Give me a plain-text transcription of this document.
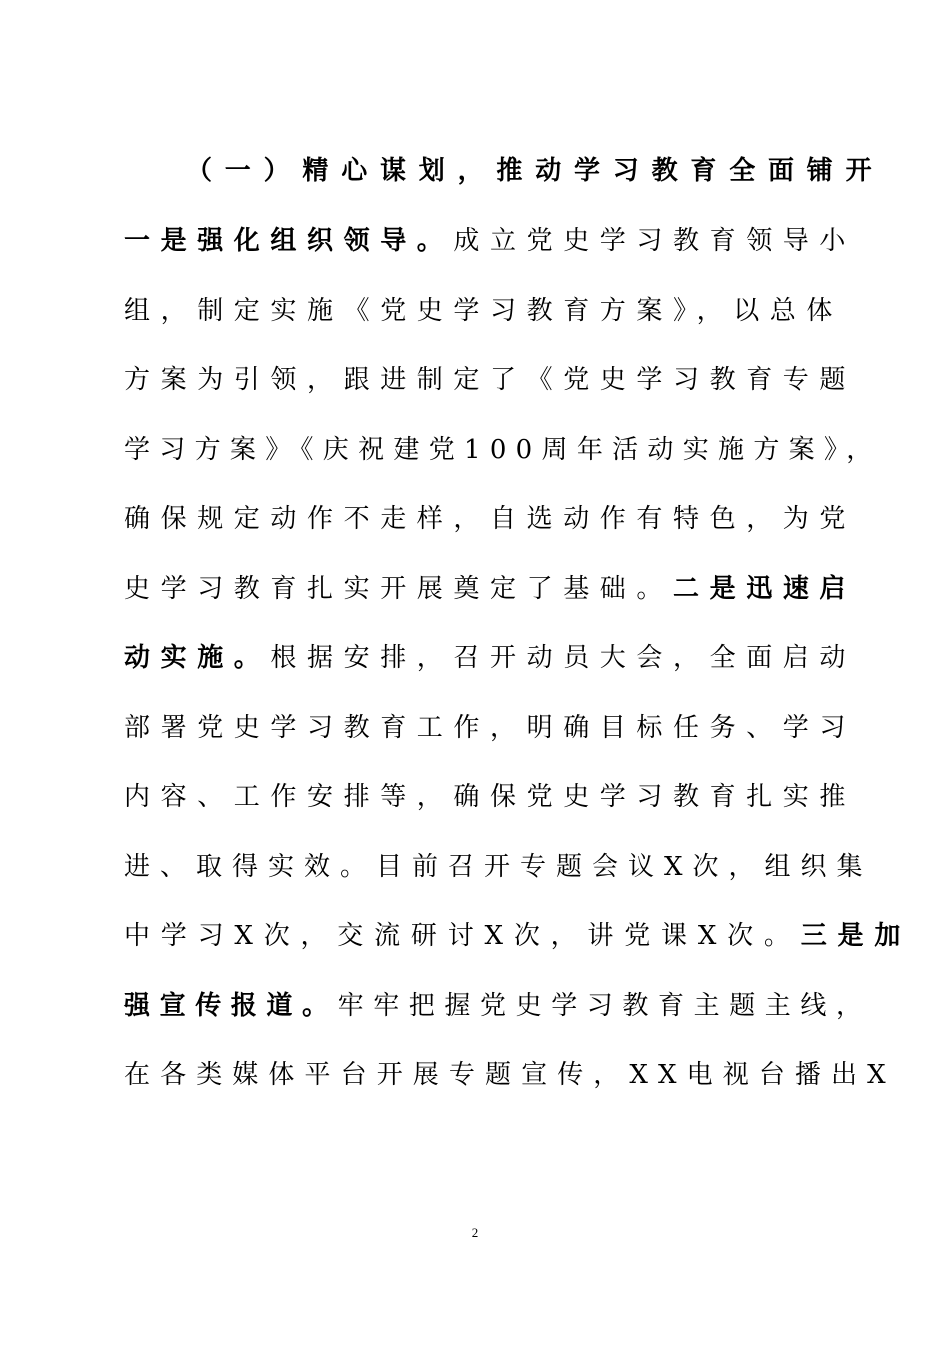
（一）精心谋划，推动学习教育全面铺开
一是强化组织领导。成立党史学习教育领导小
组，制定实施《党史学习教育方案》，以总体
方案为引领，跟进制定了《党史学习教育专题
学习方案》《庆祝建党100周年活动实施方案》，
确保规定动作不走样，自选动作有特色，为党
史学习教育扎实开展奠定了基础。二是迅速启
动实施。根据安排，召开动员大会，全面启动
部署党史学习教育工作，明确目标任务、学习
内容、工作安排等，确保党史学习教育扎实推
进、取得实效。目前召开专题会议X次，组织集
中学习X次，交流研讨X次，讲党课X次。三是加
强宣传报道。牢牢把握党史学习教育主题主线，
在各类媒体平台开展专题宣传，XX电视台播出X
2
